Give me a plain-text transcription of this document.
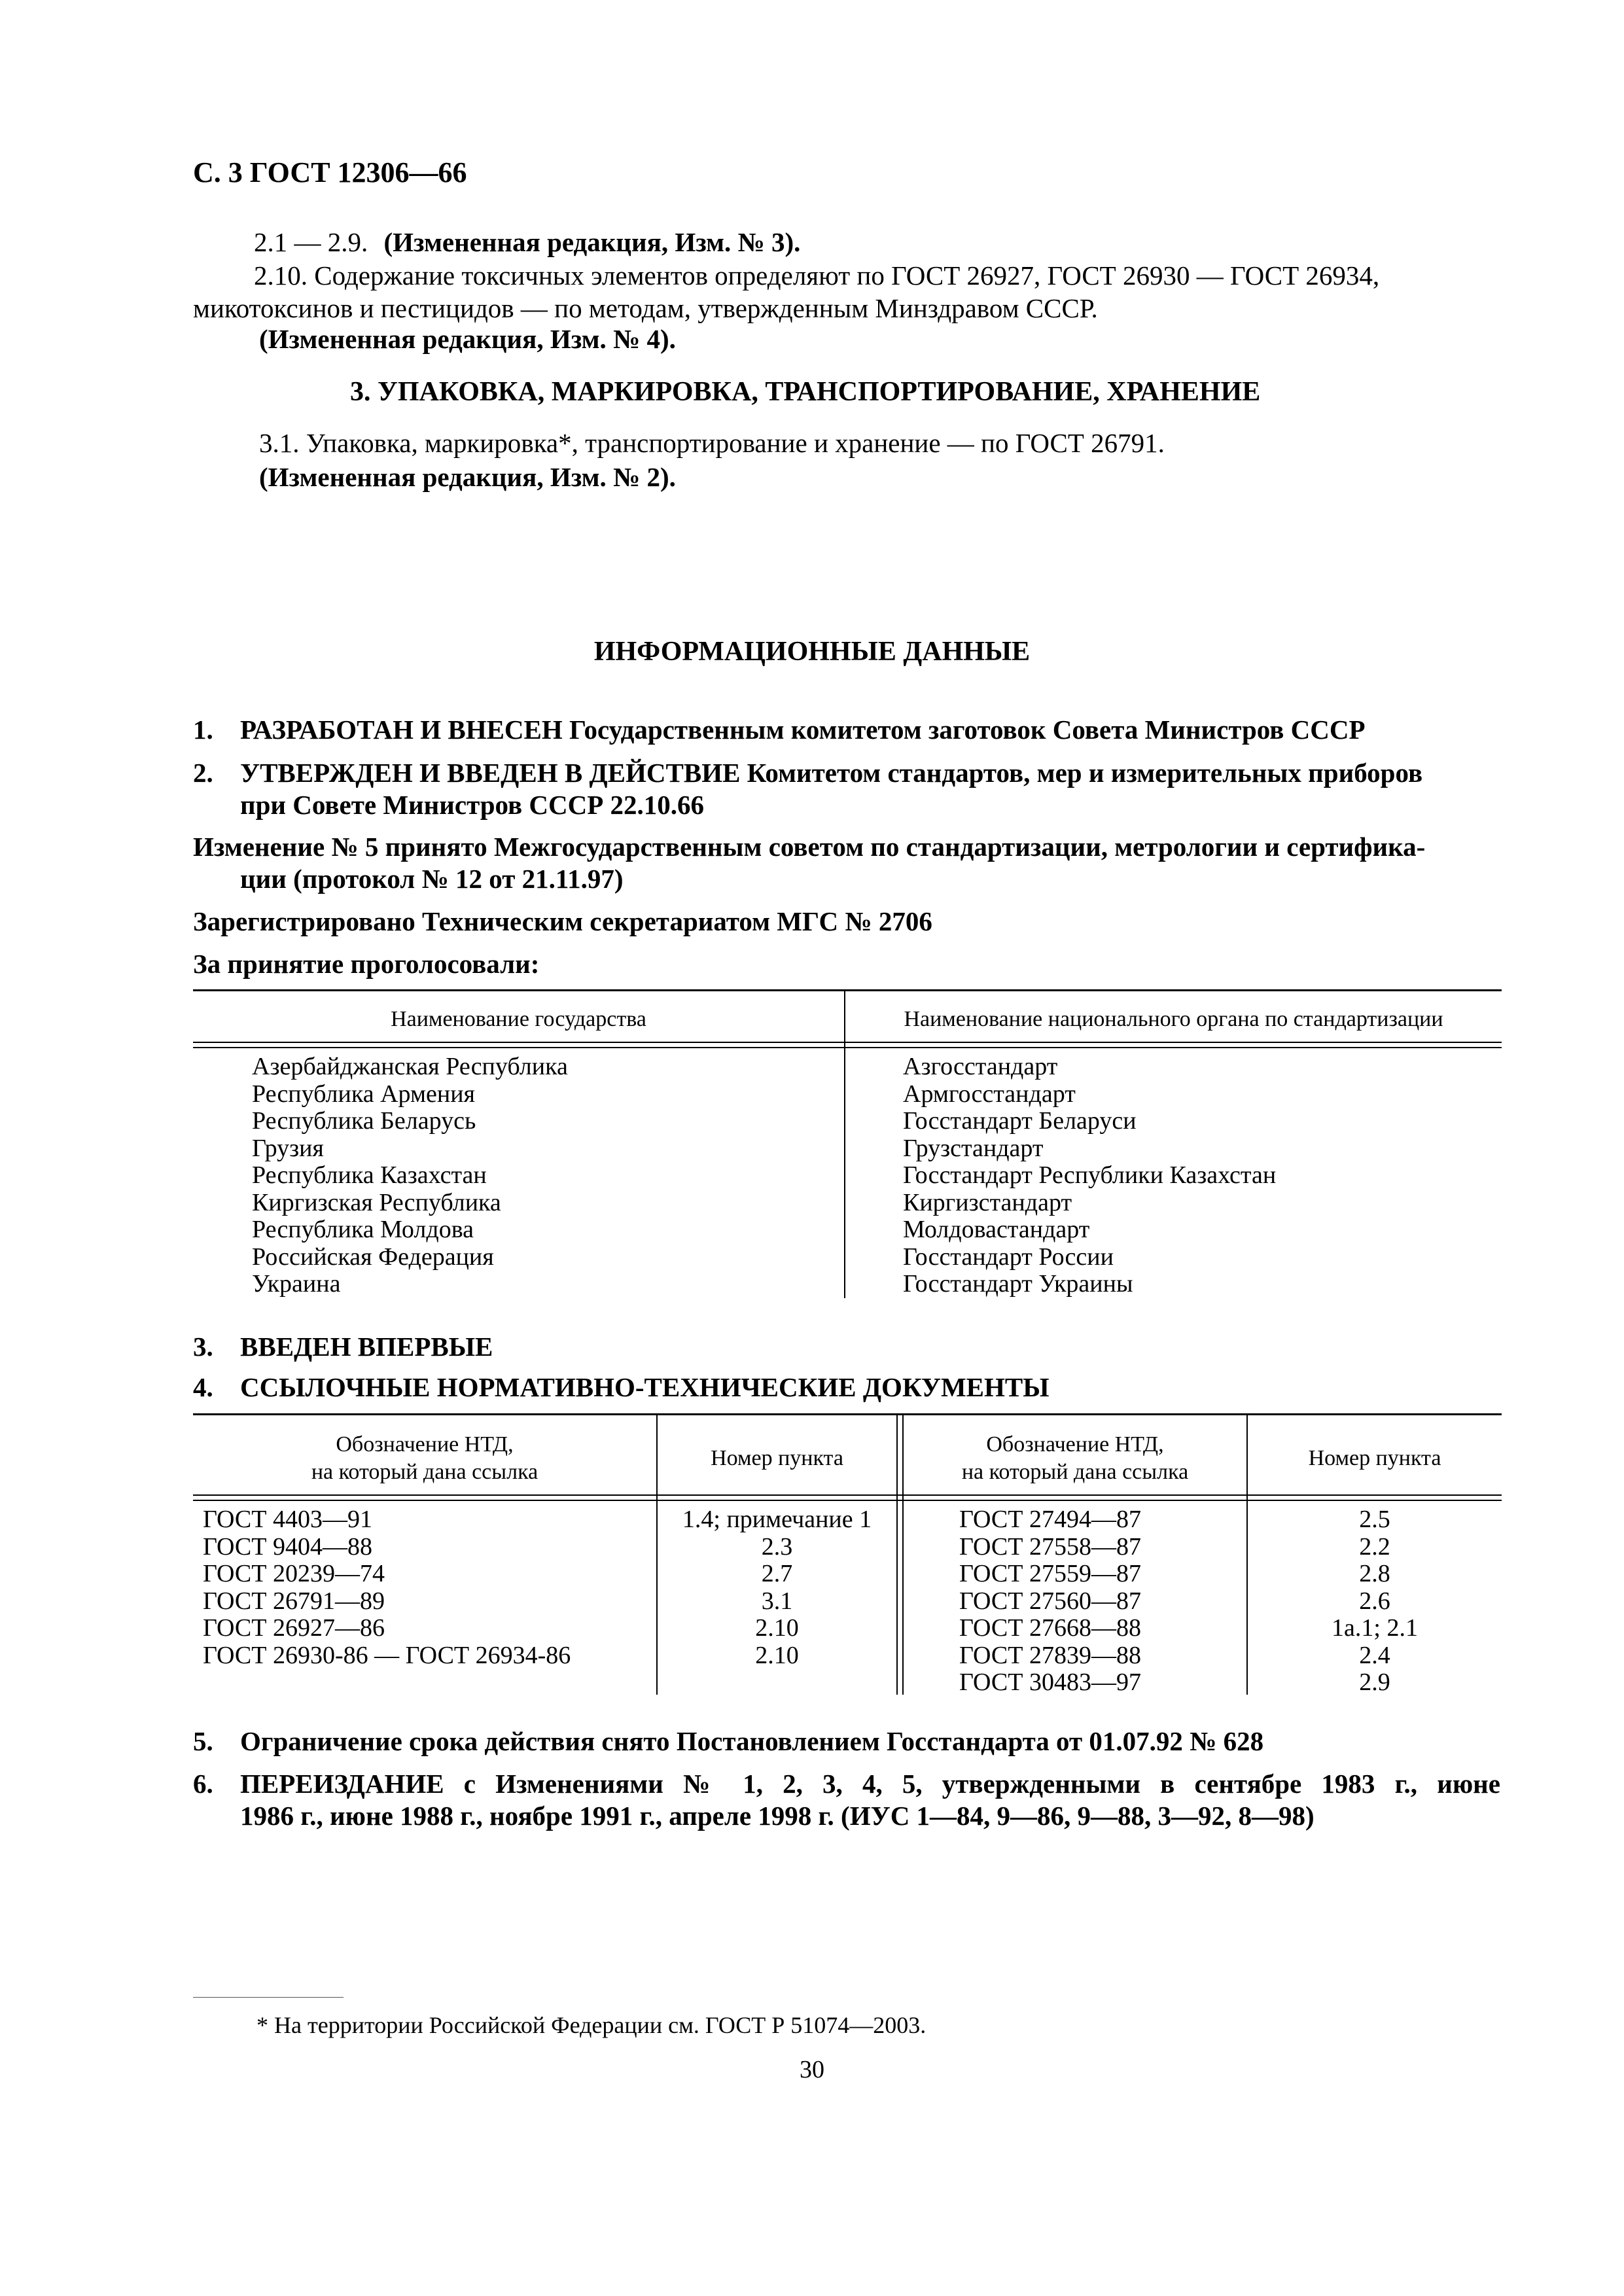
С. 3 ГОСТ 12306—66
2.1 — 2.9. (Измененная редакция, Изм. № 3).
2.10. Содержание токсичных элементов определяют по ГОСТ 26927, ГОСТ 26930 — ГОСТ 26934,
микотоксинов и пестицидов — по методам, утвержденным Минздравом СССР.
(Измененная редакция, Изм. № 4).
3. УПАКОВКА, МАРКИРОВКА, ТРАНСПОРТИРОВАНИЕ, ХРАНЕНИЕ
3.1. Упаковка, маркировка*, транспортирование и хранение — по ГОСТ 26791.
(Измененная редакция, Изм. № 2).
ИНФОРМАЦИОННЫЕ ДАННЫЕ
1. РАЗРАБОТАН И ВНЕСЕН Государственным комитетом заготовок Совета Министров СССР
2. УТВЕРЖДЕН И ВВЕДЕН В ДЕЙСТВИЕ Комитетом стандартов, мер и измерительных приборов
при Совете Министров СССР 22.10.66
Изменение № 5 принято Межгосударственным советом по стандартизации, метрологии и сертифика-
ции (протокол № 12 от 21.11.97)
Зарегистрировано Техническим секретариатом МГС № 2706
За принятие проголосовали:
Наименование государства	Наименование национального органа по стандартизации
Азербайджанская Республика
Республика Армения
Республика Беларусь
Грузия
Республика Казахстан
Киргизская Республика
Республика Молдова
Российская Федерация
Украина
Азгосстандарт
Армгосстандарт
Госстандарт Беларуси
Грузстандарт
Госстандарт Республики Казахстан
Киргизстандарт
Молдовастандарт
Госстандарт России
Госстандарт Украины
3. ВВЕДЕН ВПЕРВЫЕ
4. ССЫЛОЧНЫЕ НОРМАТИВНО-ТЕХНИЧЕСКИЕ ДОКУМЕНТЫ
Обозначение НТД,
на который дана ссылка
Номер пункта
Обозначение НТД,
на который дана ссылка
Номер пункта
ГОСТ 4403—91
ГОСТ 9404—88
ГОСТ 20239—74
ГОСТ 26791—89
ГОСТ 26927—86
ГОСТ 26930-86 — ГОСТ 26934-86
1.4; примечание 1
2.3
2.7
3.1
2.10
2.10
ГОСТ 27494—87
ГОСТ 27558—87
ГОСТ 27559—87
ГОСТ 27560—87
ГОСТ 27668—88
ГОСТ 27839—88
ГОСТ 30483—97
2.5
2.2
2.8
2.6
1а.1; 2.1
2.4
2.9
5. Ограничение срока действия снято Постановлением Госстандарта от 01.07.92 № 628
6. ПЕРЕИЗДАНИЕ с Изменениями № 1, 2, 3, 4, 5, утвержденными в сентябре 1983 г., июне
1986 г., июне 1988 г., ноябре 1991 г., апреле 1998 г. (ИУС 1—84, 9—86, 9—88, 3—92, 8—98)
* На территории Российской Федерации см. ГОСТ Р 51074—2003.
30
